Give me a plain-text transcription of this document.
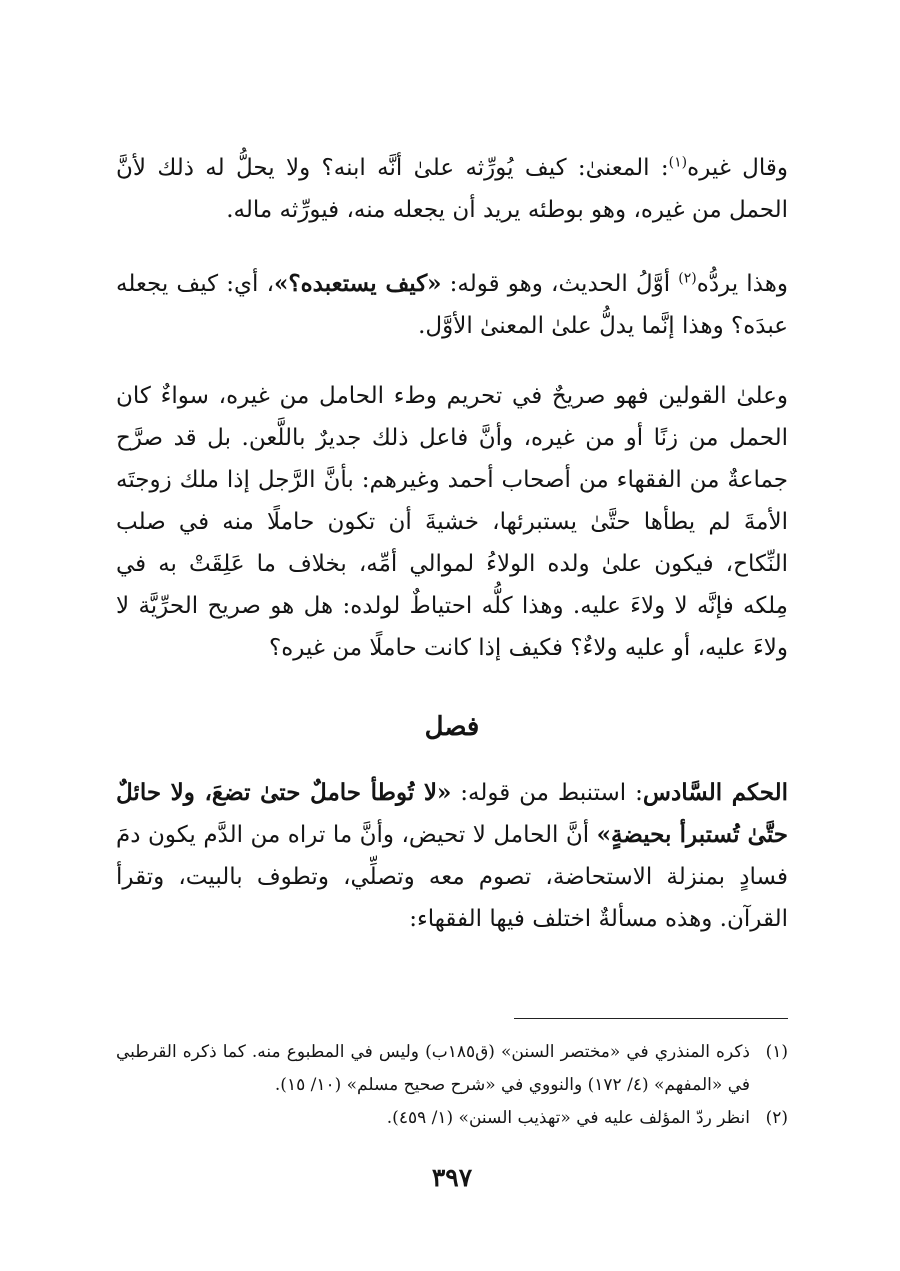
وقال غيره$^{(١)}$: المعنىٰ: كيف يُورِّثه علىٰ أنَّه ابنه؟ ولا يحلُّ له ذلك لأنَّ الحمل من غيره، وهو بوطئه يريد أن يجعله منه، فيورِّثه ماله.

وهذا يردُّه$^{(٢)}$ أوَّلُ الحديث، وهو قوله: «كيف يستعبده؟»، أي: كيف يجعله عبدَه؟ وهذا إنَّما يدلُّ علىٰ المعنىٰ الأوَّل.

وعلىٰ القولين فهو صريحٌ في تحريم وطء الحامل من غيره، سواءٌ كان الحمل من زنًا أو من غيره، وأنَّ فاعل ذلك جديرٌ باللَّعن. بل قد صرَّح جماعةٌ من الفقهاء من أصحاب أحمد وغيرهم: بأنَّ الرَّجل إذا ملك زوجتَه الأمةَ لم يطأها حتَّىٰ يستبرئها، خشيةَ أن تكون حاملًا منه في صلب النِّكاح، فيكون علىٰ ولده الولاءُ لموالي أمِّه، بخلاف ما عَلِقَتْ به في مِلكه فإنَّه لا ولاءَ عليه. وهذا كلُّه احتياطٌ لولده: هل هو صريح الحرِّيَّة لا ولاءَ عليه، أو عليه ولاءٌ؟ فكيف إذا كانت حاملًا من غيره؟

فصل

الحكم السَّادس: استنبط من قوله: «لا تُوطأ حاملٌ حتىٰ تضعَ، ولا حائلٌ حتَّىٰ تُستبرأ بحيضةٍ» أنَّ الحامل لا تحيض، وأنَّ ما تراه من الدَّم يكون دمَ فسادٍ بمنزلة الاستحاضة، تصوم معه وتصلِّي، وتطوف بالبيت، وتقرأ القرآن. وهذه مسألةٌ اختلف فيها الفقهاء:

(١)
ذكره المنذري في «مختصر السنن» (ق١٨٥ب) وليس في المطبوع منه. كما ذكره القرطبي في «المفهم» (٤/ ١٧٢) والنووي في «شرح صحيح مسلم» (١٠/ ١٥).
(٢)
انظر ردّ المؤلف عليه في «تهذيب السنن» (١/ ٤٥٩).
٣٩٧
